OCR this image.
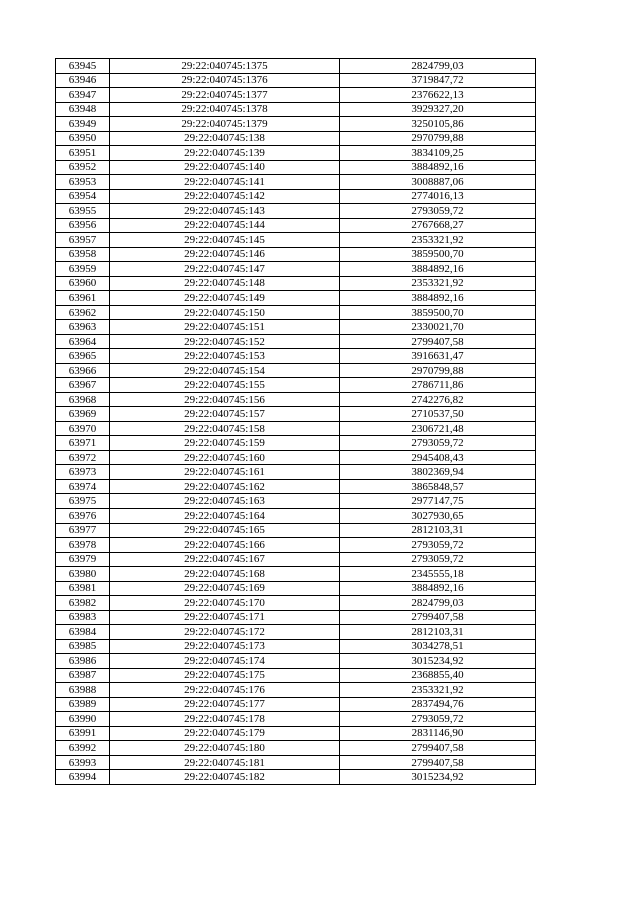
63945	29:22:040745:1375	2824799,03
63946	29:22:040745:1376	3719847,72
63947	29:22:040745:1377	2376622,13
63948	29:22:040745:1378	3929327,20
63949	29:22:040745:1379	3250105,86
63950	29:22:040745:138	2970799,88
63951	29:22:040745:139	3834109,25
63952	29:22:040745:140	3884892,16
63953	29:22:040745:141	3008887,06
63954	29:22:040745:142	2774016,13
63955	29:22:040745:143	2793059,72
63956	29:22:040745:144	2767668,27
63957	29:22:040745:145	2353321,92
63958	29:22:040745:146	3859500,70
63959	29:22:040745:147	3884892,16
63960	29:22:040745:148	2353321,92
63961	29:22:040745:149	3884892,16
63962	29:22:040745:150	3859500,70
63963	29:22:040745:151	2330021,70
63964	29:22:040745:152	2799407,58
63965	29:22:040745:153	3916631,47
63966	29:22:040745:154	2970799,88
63967	29:22:040745:155	2786711,86
63968	29:22:040745:156	2742276,82
63969	29:22:040745:157	2710537,50
63970	29:22:040745:158	2306721,48
63971	29:22:040745:159	2793059,72
63972	29:22:040745:160	2945408,43
63973	29:22:040745:161	3802369,94
63974	29:22:040745:162	3865848,57
63975	29:22:040745:163	2977147,75
63976	29:22:040745:164	3027930,65
63977	29:22:040745:165	2812103,31
63978	29:22:040745:166	2793059,72
63979	29:22:040745:167	2793059,72
63980	29:22:040745:168	2345555,18
63981	29:22:040745:169	3884892,16
63982	29:22:040745:170	2824799,03
63983	29:22:040745:171	2799407,58
63984	29:22:040745:172	2812103,31
63985	29:22:040745:173	3034278,51
63986	29:22:040745:174	3015234,92
63987	29:22:040745:175	2368855,40
63988	29:22:040745:176	2353321,92
63989	29:22:040745:177	2837494,76
63990	29:22:040745:178	2793059,72
63991	29:22:040745:179	2831146,90
63992	29:22:040745:180	2799407,58
63993	29:22:040745:181	2799407,58
63994	29:22:040745:182	3015234,92
